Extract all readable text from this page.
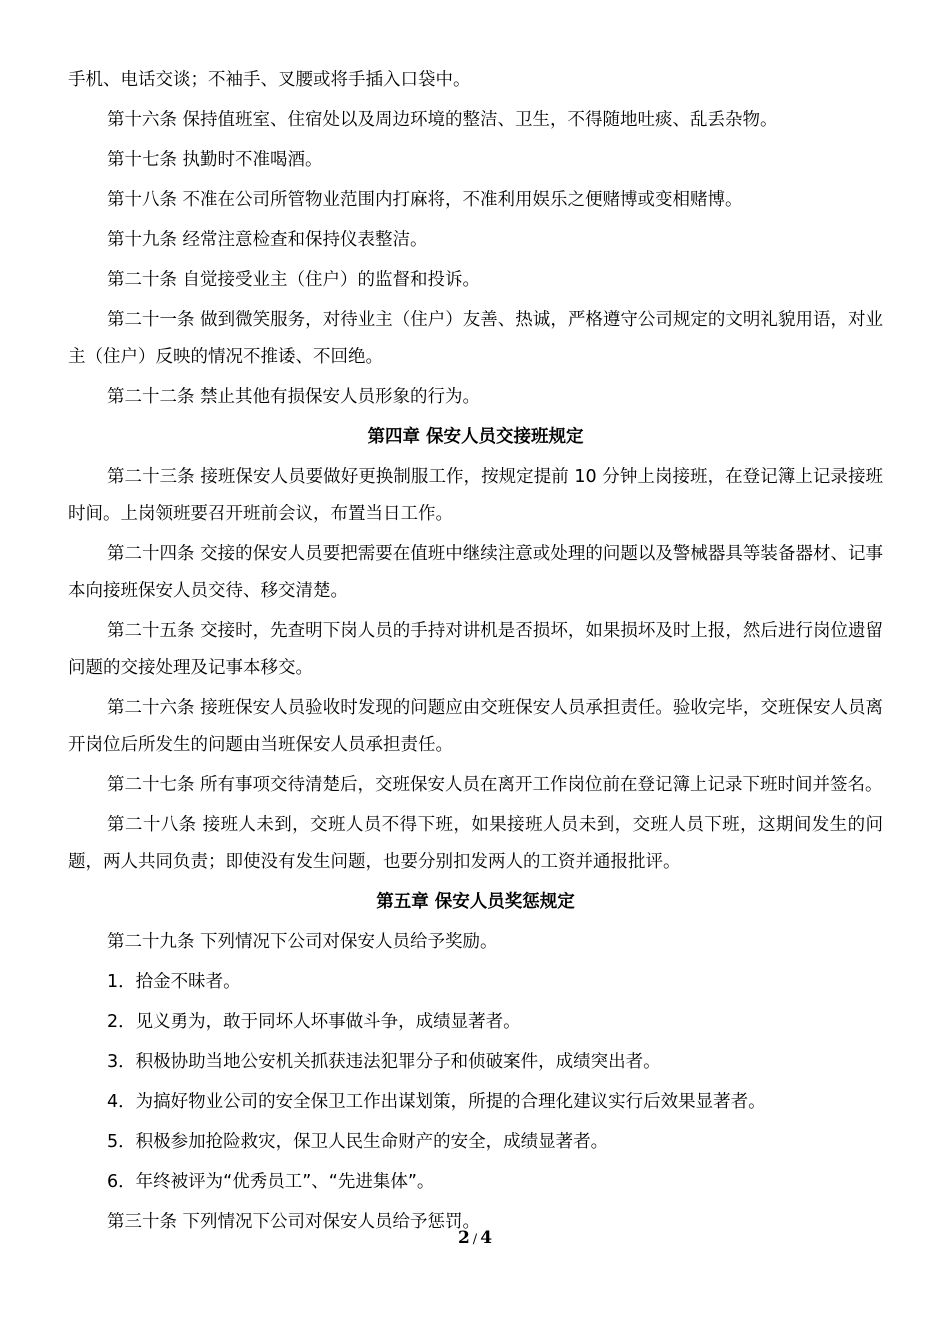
手机、电话交谈；不袖手、叉腰或将手插入口袋中。

第十六条 保持值班室、住宿处以及周边环境的整洁、卫生，不得随地吐痰、乱丢杂物。

第十七条 执勤时不准喝酒。

第十八条 不准在公司所管物业范围内打麻将，不准利用娱乐之便赌博或变相赌博。

第十九条 经常注意检查和保持仪表整洁。

第二十条 自觉接受业主（住户）的监督和投诉。

第二十一条 做到微笑服务，对待业主（住户）友善、热诚，严格遵守公司规定的文明礼貌用语，对业主（住户）反映的情况不推诿、不回绝。

第二十二条 禁止其他有损保安人员形象的行为。

第四章 保安人员交接班规定

第二十三条 接班保安人员要做好更换制服工作，按规定提前 10 分钟上岗接班，在登记簿上记录接班时间。上岗领班要召开班前会议，布置当日工作。

第二十四条 交接的保安人员要把需要在值班中继续注意或处理的问题以及警械器具等装备器材、记事本向接班保安人员交待、移交清楚。

第二十五条 交接时，先查明下岗人员的手持对讲机是否损坏，如果损坏及时上报，然后进行岗位遗留问题的交接处理及记事本移交。

第二十六条 接班保安人员验收时发现的问题应由交班保安人员承担责任。验收完毕，交班保安人员离开岗位后所发生的问题由当班保安人员承担责任。

第二十七条 所有事项交待清楚后，交班保安人员在离开工作岗位前在登记簿上记录下班时间并签名。

第二十八条 接班人未到，交班人员不得下班，如果接班人员未到，交班人员下班，这期间发生的问题，两人共同负责；即使没有发生问题，也要分别扣发两人的工资并通报批评。

第五章 保安人员奖惩规定

第二十九条 下列情况下公司对保安人员给予奖励。

1．拾金不昧者。

2．见义勇为，敢于同坏人坏事做斗争，成绩显著者。

3．积极协助当地公安机关抓获违法犯罪分子和侦破案件，成绩突出者。

4．为搞好物业公司的安全保卫工作出谋划策，所提的合理化建议实行后效果显著者。

5．积极参加抢险救灾，保卫人民生命财产的安全，成绩显著者。

6．年终被评为“优秀员工”、“先进集体”。

第三十条 下列情况下公司对保安人员给予惩罚。

2 / 4
